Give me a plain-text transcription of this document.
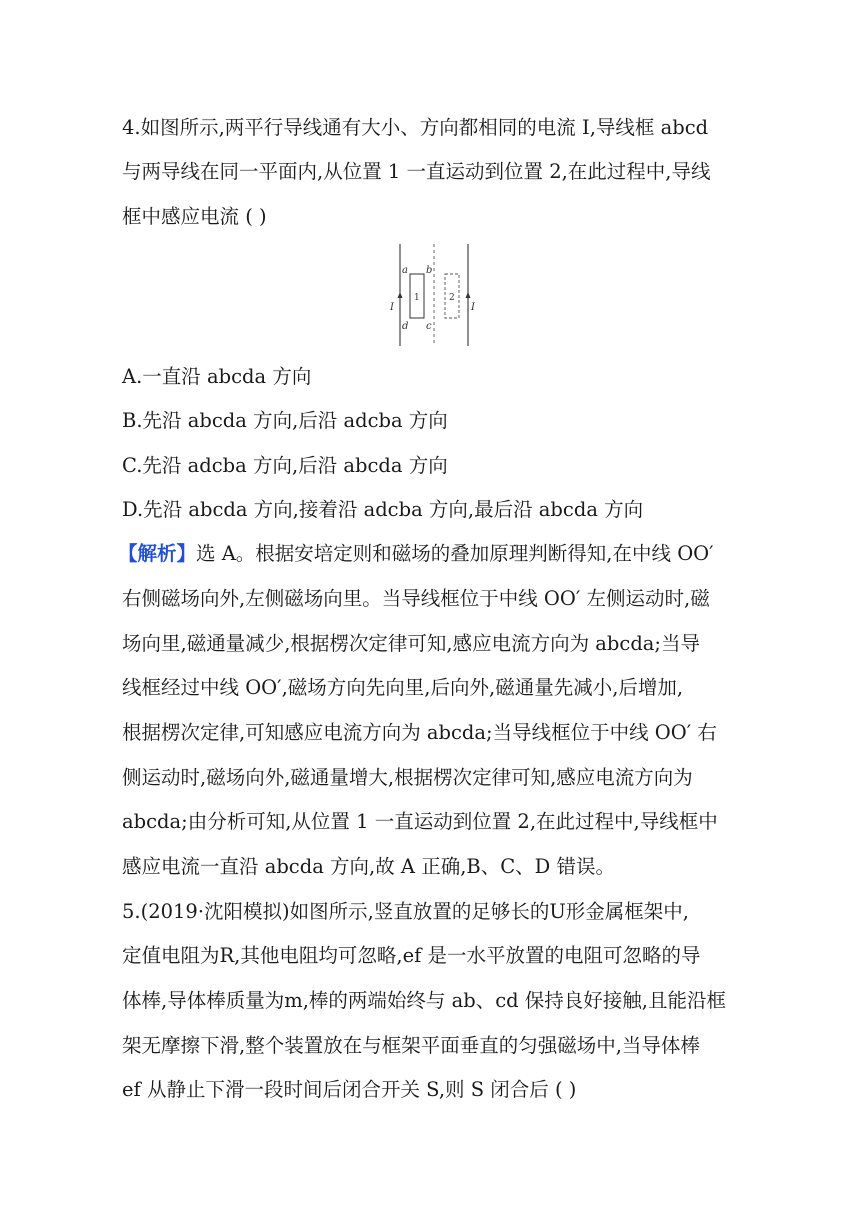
4.如图所示,两平行导线通有大小、方向都相同的电流 I,导线框 abcd
与两导线在同一平面内,从位置 1 一直运动到位置 2,在此过程中,导线
框中感应电流 ( )
I	I
a b
c
d
1	2
A.一直沿 abcda 方向
B.先沿 abcda 方向,后沿 adcba 方向
C.先沿 adcba 方向,后沿 abcda 方向
D.先沿 abcda 方向,接着沿 adcba 方向,最后沿 abcda 方向
【解析】选 A。根据安培定则和磁场的叠加原理判断得知,在中线 OO′
右侧磁场向外,左侧磁场向里。当导线框位于中线 OO′ 左侧运动时,磁
场向里,磁通量减少,根据楞次定律可知,感应电流方向为 abcda;当导
线框经过中线 OO′,磁场方向先向里,后向外,磁通量先减小,后增加,
根据楞次定律,可知感应电流方向为 abcda;当导线框位于中线 OO′ 右
侧运动时,磁场向外,磁通量增大,根据楞次定律可知,感应电流方向为
abcda;由分析可知,从位置 1 一直运动到位置 2,在此过程中,导线框中
感应电流一直沿 abcda 方向,故 A 正确,B、C、D 错误。
5.(2019·沈阳模拟)如图所示,竖直放置的足够长的U形金属框架中,
定值电阻为R,其他电阻均可忽略,ef 是一水平放置的电阻可忽略的导
体棒,导体棒质量为m,棒的两端始终与 ab、cd 保持良好接触,且能沿框
架无摩擦下滑,整个装置放在与框架平面垂直的匀强磁场中,当导体棒
ef 从静止下滑一段时间后闭合开关 S,则 S 闭合后 ( )
